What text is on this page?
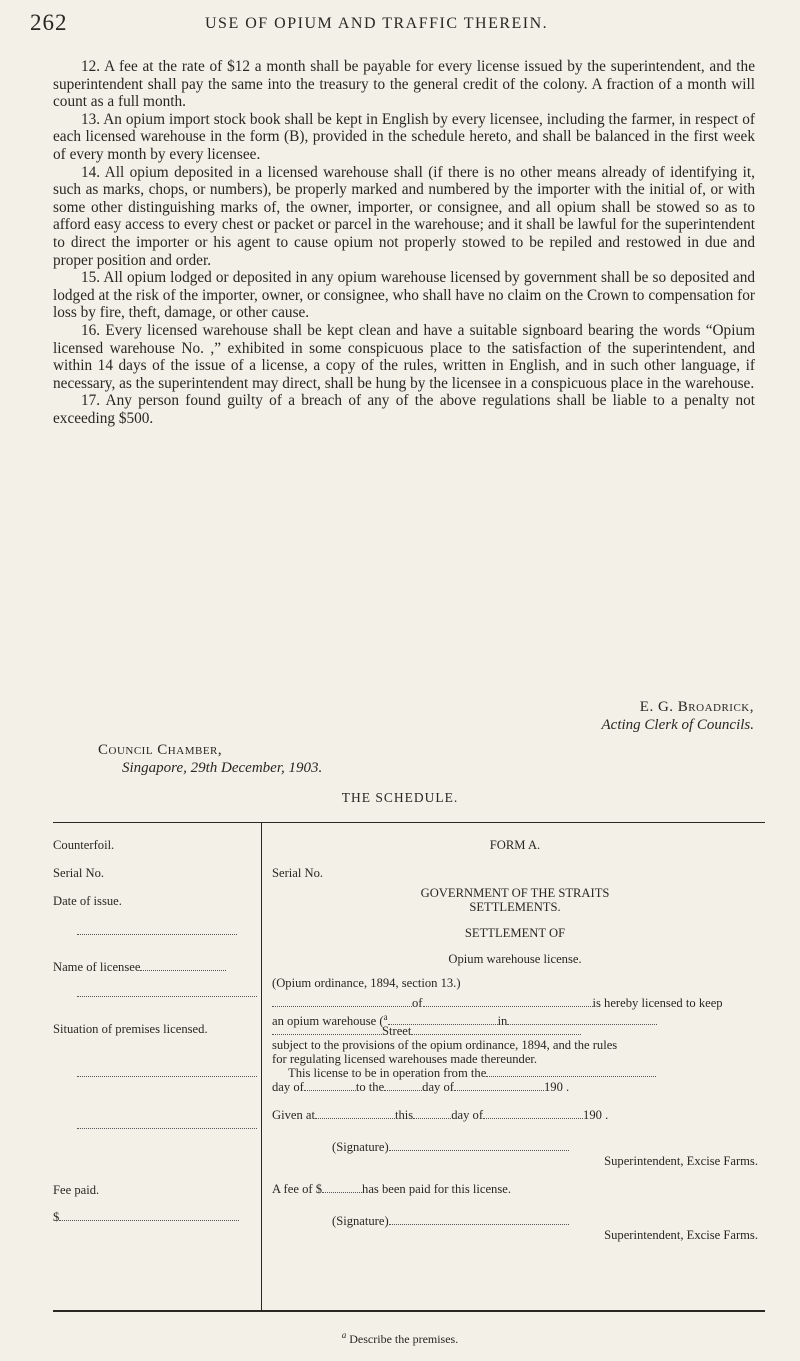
262	USE OF OPIUM AND TRAFFIC THEREIN.

12. A fee at the rate of $12 a month shall be payable for every license issued by the superintendent, and the superintendent shall pay the same into the treasury to the general credit of the colony. A fraction of a month will count as a full month.

13. An opium import stock book shall be kept in English by every licensee, including the farmer, in respect of each licensed warehouse in the form (B), provided in the schedule hereto, and shall be balanced in the first week of every month by every licensee.

14. All opium deposited in a licensed warehouse shall (if there is no other means already of identifying it, such as marks, chops, or numbers), be properly marked and numbered by the importer with the initial of, or with some other distinguishing marks of, the owner, importer, or consignee, and all opium shall be stowed so as to afford easy access to every chest or packet or parcel in the warehouse; and it shall be lawful for the superintendent to direct the importer or his agent to cause opium not properly stowed to be repiled and restowed in due and proper position and order.

15. All opium lodged or deposited in any opium warehouse licensed by government shall be so deposited and lodged at the risk of the importer, owner, or consignee, who shall have no claim on the Crown to compensation for loss by fire, theft, damage, or other cause.

16. Every licensed warehouse shall be kept clean and have a suitable signboard bearing the words “Opium licensed warehouse No. ,” exhibited in some conspicuous place to the satisfaction of the superintendent, and within 14 days of the issue of a license, a copy of the rules, written in English, and in such other language, if necessary, as the superintendent may direct, shall be hung by the licensee in a conspicuous place in the warehouse.

17. Any person found guilty of a breach of any of the above regulations shall be liable to a penalty not exceeding $500.

E. G. Broadrick,
Acting Clerk of Councils.
Council Chamber,
Singapore, 29th December, 1903.
THE SCHEDULE.
Counterfoil.
Serial No.
Date of issue.
Name of licensee
Situation of premises licensed.
Fee paid.
$
FORM A.
Serial No.
GOVERNMENT OF THE STRAITS
SETTLEMENTS.
SETTLEMENT OF
Opium warehouse license.
(Opium ordinance, 1894, section 13.)
of	is hereby licensed to keep
an opium warehouse ($^a$	in
Street
subject to the provisions of the opium ordinance, 1894, and the rules
for regulating licensed warehouses made thereunder.
This license to be in operation from the
day of	to the	day of	190 .
Given at	this	day of	190 .
(Signature)
Superintendent, Excise Farms.
A fee of $	has been paid for this license.
(Signature)
Superintendent, Excise Farms.
$^a$ Describe the premises.
